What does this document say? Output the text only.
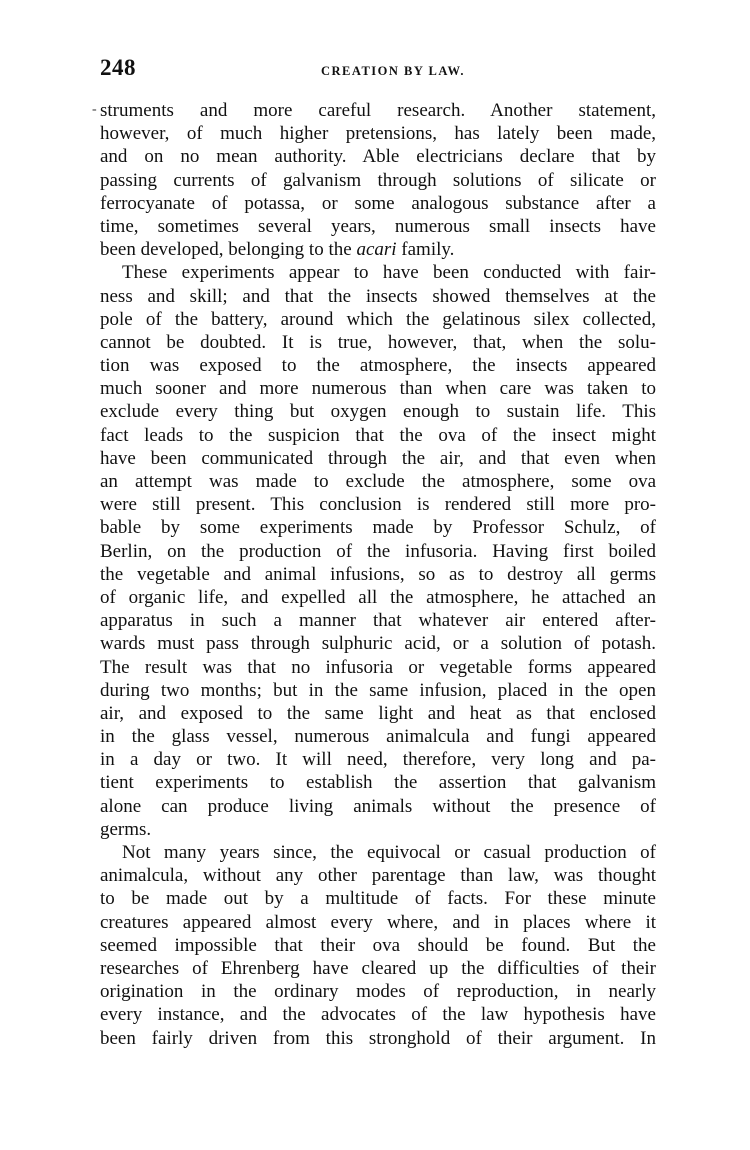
-
248	CREATION BY LAW.
struments and more careful research. Another statement,
however, of much higher pretensions, has lately been made,
and on no mean authority. Able electricians declare that by
passing currents of galvanism through solutions of silicate or
ferrocyanate of potassa, or some analogous substance after a
time, sometimes several years, numerous small insects have
been developed, belonging to the acari family.
These experiments appear to have been conducted with fair-
ness and skill; and that the insects showed themselves at the
pole of the battery, around which the gelatinous silex collected,
cannot be doubted. It is true, however, that, when the solu-
tion was exposed to the atmosphere, the insects appeared
much sooner and more numerous than when care was taken to
exclude every thing but oxygen enough to sustain life. This
fact leads to the suspicion that the ova of the insect might
have been communicated through the air, and that even when
an attempt was made to exclude the atmosphere, some ova
were still present. This conclusion is rendered still more pro-
bable by some experiments made by Professor Schulz, of
Berlin, on the production of the infusoria. Having first boiled
the vegetable and animal infusions, so as to destroy all germs
of organic life, and expelled all the atmosphere, he attached an
apparatus in such a manner that whatever air entered after-
wards must pass through sulphuric acid, or a solution of potash.
The result was that no infusoria or vegetable forms appeared
during two months; but in the same infusion, placed in the open
air, and exposed to the same light and heat as that enclosed
in the glass vessel, numerous animalcula and fungi appeared
in a day or two. It will need, therefore, very long and pa-
tient experiments to establish the assertion that galvanism
alone can produce living animals without the presence of
germs.
Not many years since, the equivocal or casual production of
animalcula, without any other parentage than law, was thought
to be made out by a multitude of facts. For these minute
creatures appeared almost every where, and in places where it
seemed impossible that their ova should be found. But the
researches of Ehrenberg have cleared up the difficulties of their
origination in the ordinary modes of reproduction, in nearly
every instance, and the advocates of the law hypothesis have
been fairly driven from this stronghold of their argument. In
